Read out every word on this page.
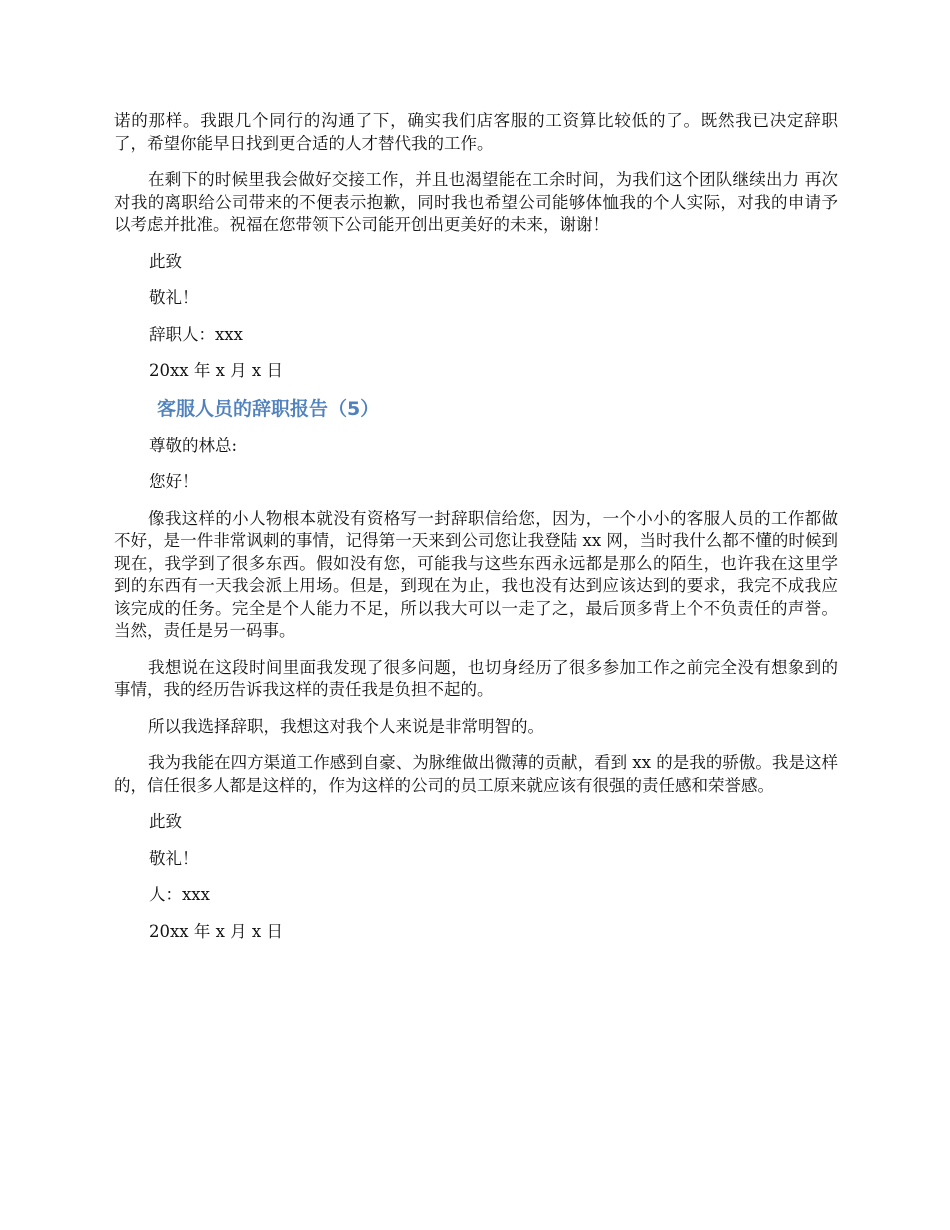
诺的那样。我跟几个同行的沟通了下，确实我们店客服的工资算比较低的了。既然我已决定辞职了，希望你能早日找到更合适的人才替代我的工作。

在剩下的时候里我会做好交接工作，并且也渴望能在工余时间，为我们这个团队继续出力 再次对我的离职给公司带来的不便表示抱歉，同时我也希望公司能够体恤我的个人实际，对我的申请予以考虑并批准。祝福在您带领下公司能开创出更美好的未来，谢谢！

此致

敬礼！

辞职人：xxx

20xx 年 x 月 x 日

客服人员的辞职报告（5）

尊敬的林总:

您好！

像我这样的小人物根本就没有资格写一封辞职信给您，因为，一个小小的客服人员的工作都做不好，是一件非常讽刺的事情，记得第一天来到公司您让我登陆 xx 网，当时我什么都不懂的时候到现在，我学到了很多东西。假如没有您，可能我与这些东西永远都是那么的陌生，也许我在这里学到的东西有一天我会派上用场。但是，到现在为止，我也没有达到应该达到的要求，我完不成我应该完成的任务。完全是个人能力不足，所以我大可以一走了之，最后顶多背上个不负责任的声誉。当然，责任是另一码事。

我想说在这段时间里面我发现了很多问题，也切身经历了很多参加工作之前完全没有想象到的事情，我的经历告诉我这样的责任我是负担不起的。

所以我选择辞职，我想这对我个人来说是非常明智的。

我为我能在四方渠道工作感到自豪、为脉维做出微薄的贡献，看到 xx 的是我的骄傲。我是这样的，信任很多人都是这样的，作为这样的公司的员工原来就应该有很强的责任感和荣誉感。

此致

敬礼！

人：xxx

20xx 年 x 月 x 日
